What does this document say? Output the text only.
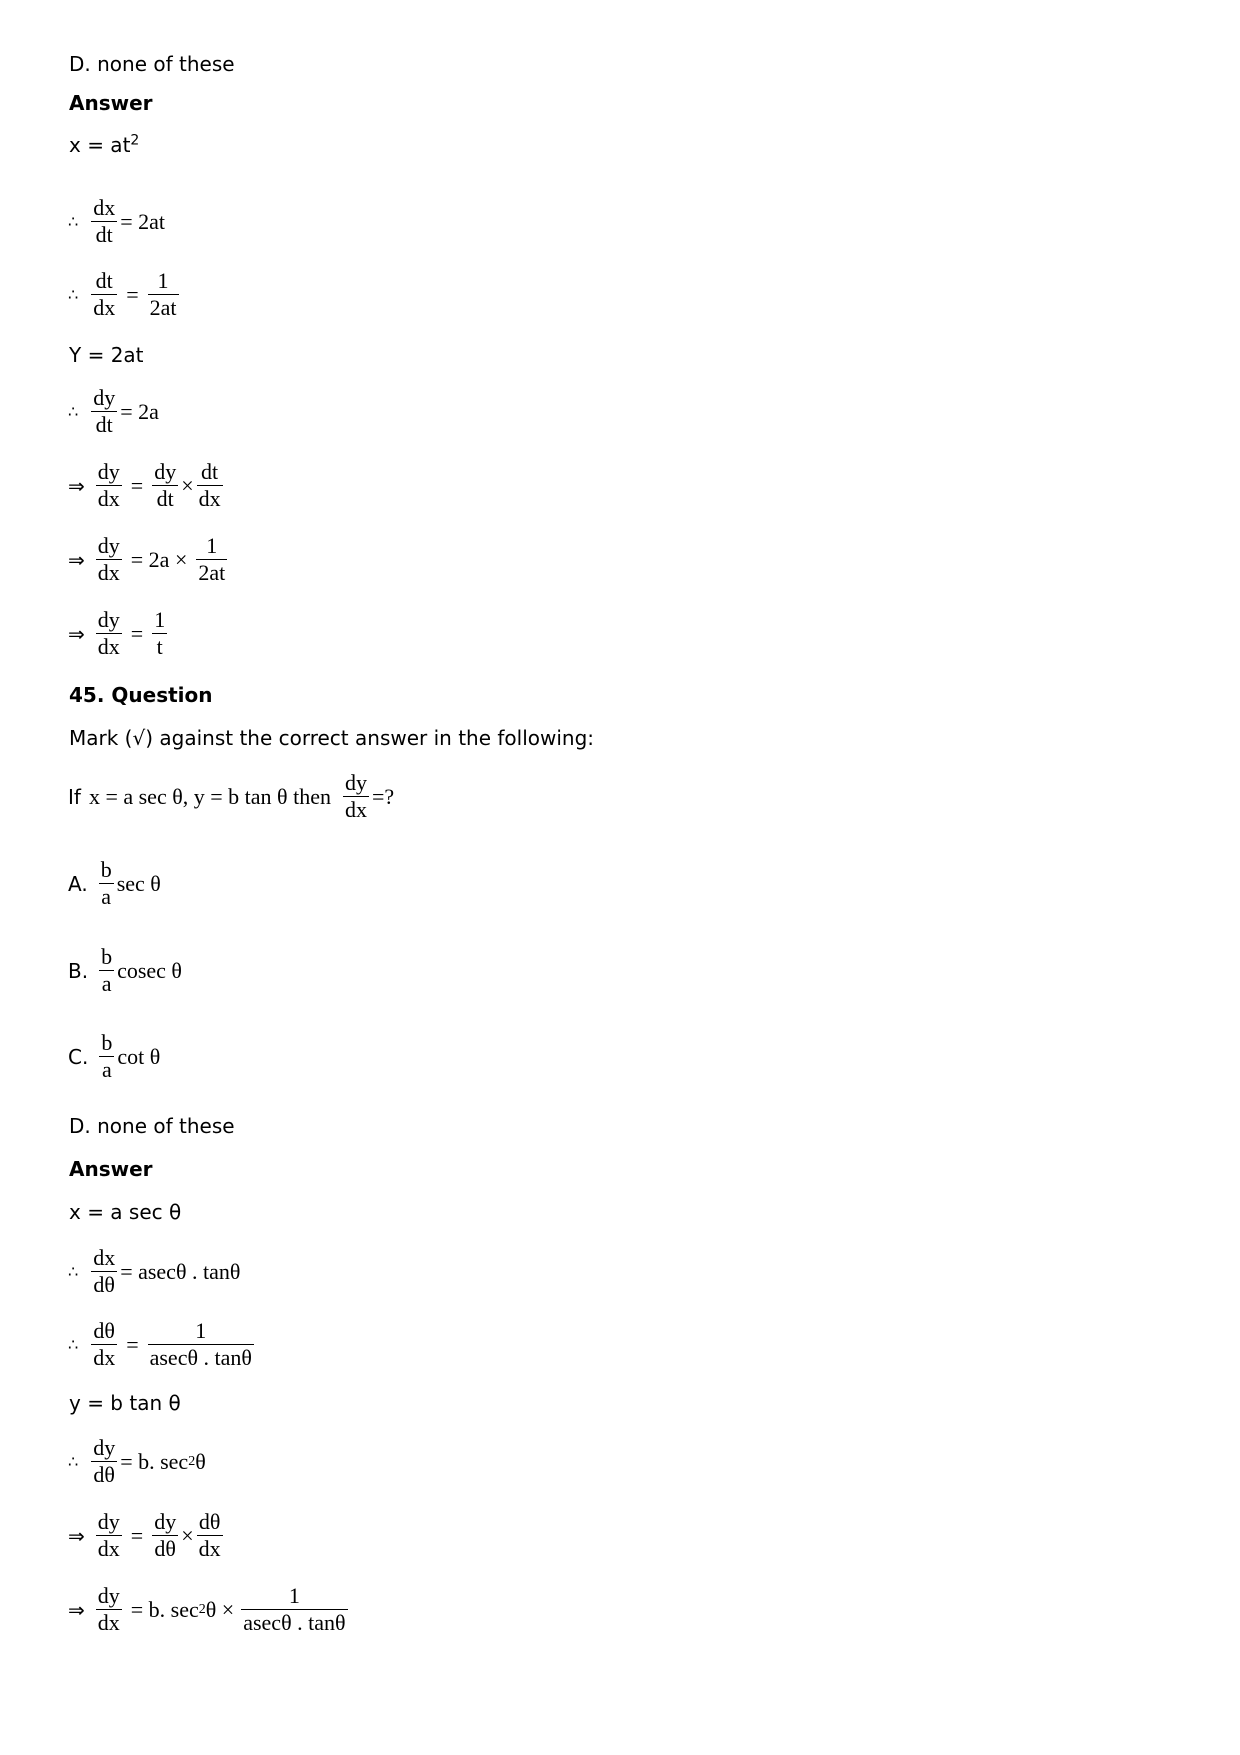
D. none of these
Answer
$x = at^2$
∴ $\frac{dx}{dt} = 2at$
∴ $\frac{dt}{dx} = \frac{1}{2at}$
Y = 2at
∴ $\frac{dy}{dt} = 2a$
⇒ $\frac{dy}{dx} = \frac{dy}{dt} \times \frac{dt}{dx}$
⇒ $\frac{dy}{dx} = 2a \times \frac{1}{2at}$
⇒ $\frac{dy}{dx} = \frac{1}{t}$
45. Question
Mark (√) against the correct answer in the following:
If x = a sec θ, y = b tan θ then $\frac{dy}{dx}$ =?
A. $\frac{b}{a}$ sec θ
B. $\frac{b}{a}$ cosec θ
C. $\frac{b}{a}$ cot θ
D. none of these
Answer
x = a sec θ
∴ $\frac{dx}{d\theta} = asec\theta$ . tanθ
∴ $\frac{d\theta}{dx} = \frac{1}{asec\theta . \tan\theta}$
y = b tan θ
∴ $\frac{dy}{d\theta} = b$. sec 2 θ
⇒ $\frac{dy}{dx} = \frac{dy}{d\theta} \times \frac{d\theta}{dx}$
⇒ $\frac{dy}{dx} = b$. sec 2 $\theta \times \frac{1}{asec\theta . \tan\theta}$
